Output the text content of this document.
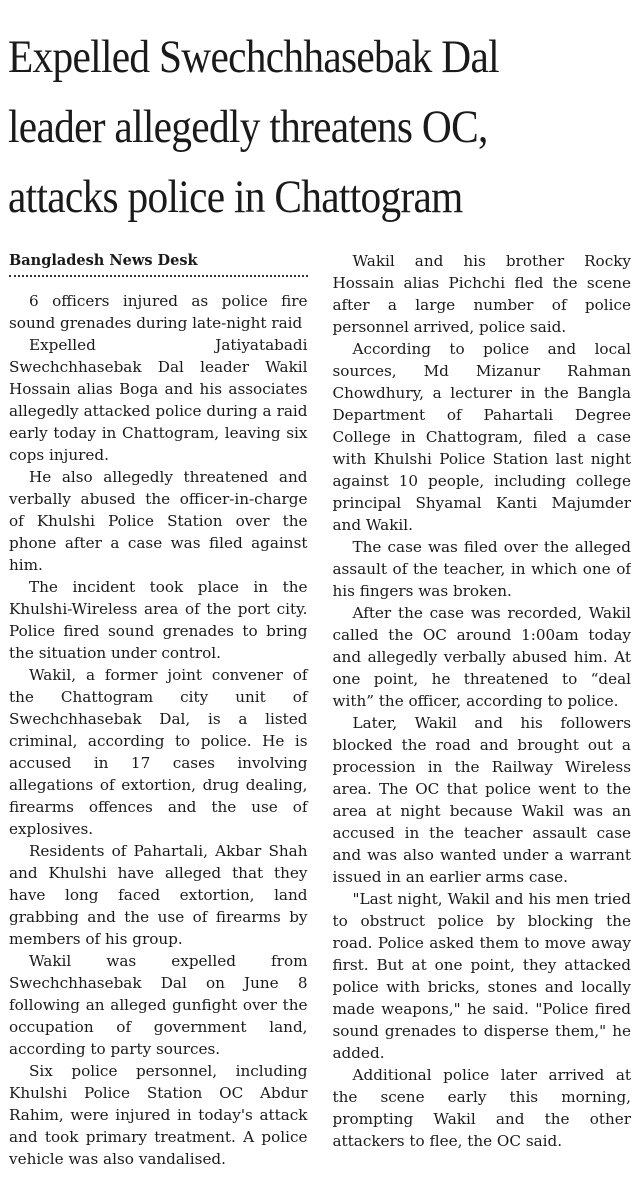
Expelled Swechchhasebak Dal
leader allegedly threatens OC,
attacks police in Chattogram
Bangladesh News Desk

6 officers injured as police fire sound grenades during late-night raid

Expelled Jatiyatabadi Swechchhasebak Dal leader Wakil Hossain alias Boga and his associates allegedly attacked police during a raid early today in Chattogram, leaving six cops injured.

He also allegedly threatened and verbally abused the officer-in-charge of Khulshi Police Station over the phone after a case was filed against him.

The incident took place in the Khulshi-Wireless area of the port city. Police fired sound grenades to bring the situation under control.

Wakil, a former joint convener of the Chattogram city unit of Swechchhasebak Dal, is a listed criminal, according to police. He is accused in 17 cases involving allegations of extortion, drug dealing, firearms offences and the use of explosives.

Residents of Pahartali, Akbar Shah and Khulshi have alleged that they have long faced extortion, land grabbing and the use of firearms by members of his group.

Wakil was expelled from Swechchhasebak Dal on June 8 following an alleged gunfight over the occupation of government land, according to party sources.

Six police personnel, including Khulshi Police Station OC Abdur Rahim, were injured in today's attack and took primary treatment. A police vehicle was also vandalised.

Wakil and his brother Rocky Hossain alias Pichchi fled the scene after a large number of police personnel arrived, police said.

According to police and local sources, Md Mizanur Rahman Chowdhury, a lecturer in the Bangla Department of Pahartali Degree College in Chattogram, filed a case with Khulshi Police Station last night against 10 people, including college principal Shyamal Kanti Majumder and Wakil.

The case was filed over the alleged assault of the teacher, in which one of his fingers was broken.

After the case was recorded, Wakil called the OC around 1:00am today and allegedly verbally abused him. At one point, he threatened to “deal with” the officer, according to police.

Later, Wakil and his followers blocked the road and brought out a procession in the Railway Wireless area. The OC that police went to the area at night because Wakil was an accused in the teacher assault case and was also wanted under a warrant issued in an earlier arms case.

"Last night, Wakil and his men tried to obstruct police by blocking the road. Police asked them to move away first. But at one point, they attacked police with bricks, stones and locally made weapons," he said. "Police fired sound grenades to disperse them," he added.

Additional police later arrived at the scene early this morning, prompting Wakil and the other attackers to flee, the OC said.
